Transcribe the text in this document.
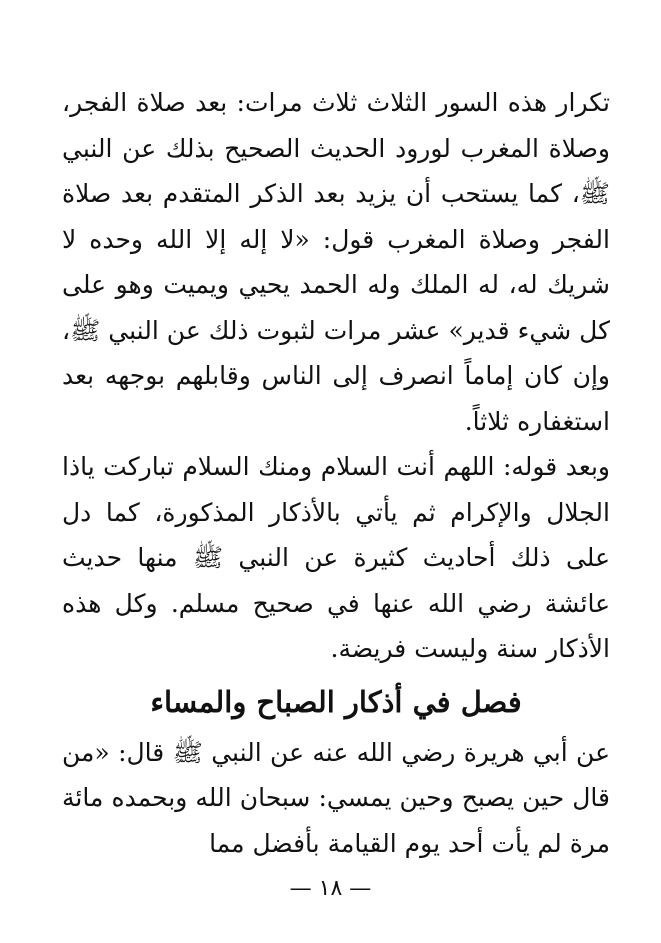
تكرار هذه السور الثلاث ثلاث مرات: بعد صلاة الفجر، وصلاة المغرب لورود الحديث الصحيح بذلك عن النبي ﷺ، كما يستحب أن يزيد بعد الذكر المتقدم بعد صلاة الفجر وصلاة المغرب قول: «لا إله إلا الله وحده لا شريك له، له الملك وله الحمد يحيي ويميت وهو على كل شيء قدير» عشر مرات لثبوت ذلك عن النبي ﷺ، وإن كان إماماً انصرف إلى الناس وقابلهم بوجهه بعد استغفاره ثلاثاً.

وبعد قوله: اللهم أنت السلام ومنك السلام تباركت ياذا الجلال والإكرام ثم يأتي بالأذكار المذكورة، كما دل على ذلك أحاديث كثيرة عن النبي ﷺ منها حديث عائشة رضي الله عنها في صحيح مسلم. وكل هذه الأذكار سنة وليست فريضة.

فصل في أذكار الصباح والمساء

عن أبي هريرة رضي الله عنه عن النبي ﷺ قال: «من قال حين يصبح وحين يمسي: سبحان الله وبحمده مائة مرة لم يأت أحد يوم القيامة بأفضل مما

— ١٨ —
